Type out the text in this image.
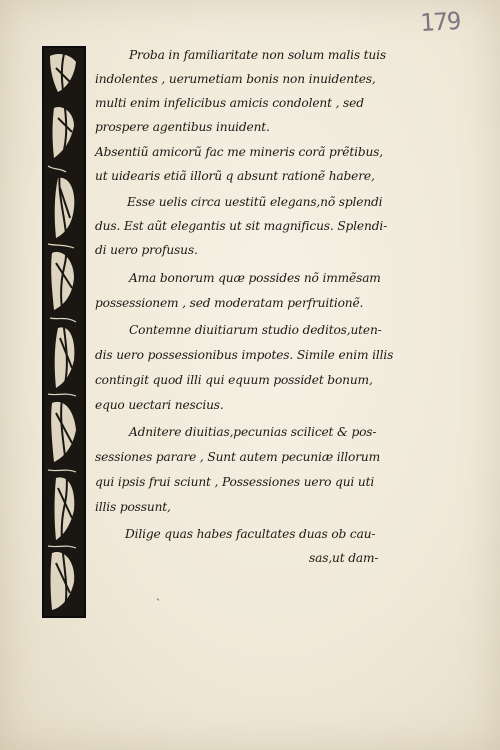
179
Proba in familiaritate non solum malis tuis
indolentes , uerumetiam bonis non inuidentes,
multi enim infelicibus amicis condolent , sed
prospere agentibus inuident.
Absentiũ amicorũ fac me mineris corã prẽtibus,
ut uidearis etiã illorũ q absunt rationẽ habere,
Esse uelis circa uestitũ elegans,nõ splendi
dus. Est aũt elegantis ut sit magnificus. Splendi-
di uero profusus.
Ama bonorum quæ possides nõ immẽsam
possessionem , sed moderatam perfruitionẽ.
Contemne diuitiarum studio deditos,uten-
dis uero possessionibus impotes. Simile enim illis
contingit quod illi qui equum possidet bonum,
equo uectari nescius.
Adnitere diuitias,pecunias scilicet & pos-
sessiones parare , Sunt autem pecuniæ illorum
qui ipsis frui sciunt , Possessiones uero qui uti
illis possunt,
Dilige quas habes facultates duas ob cau-
sas,ut dam-
ˋ
